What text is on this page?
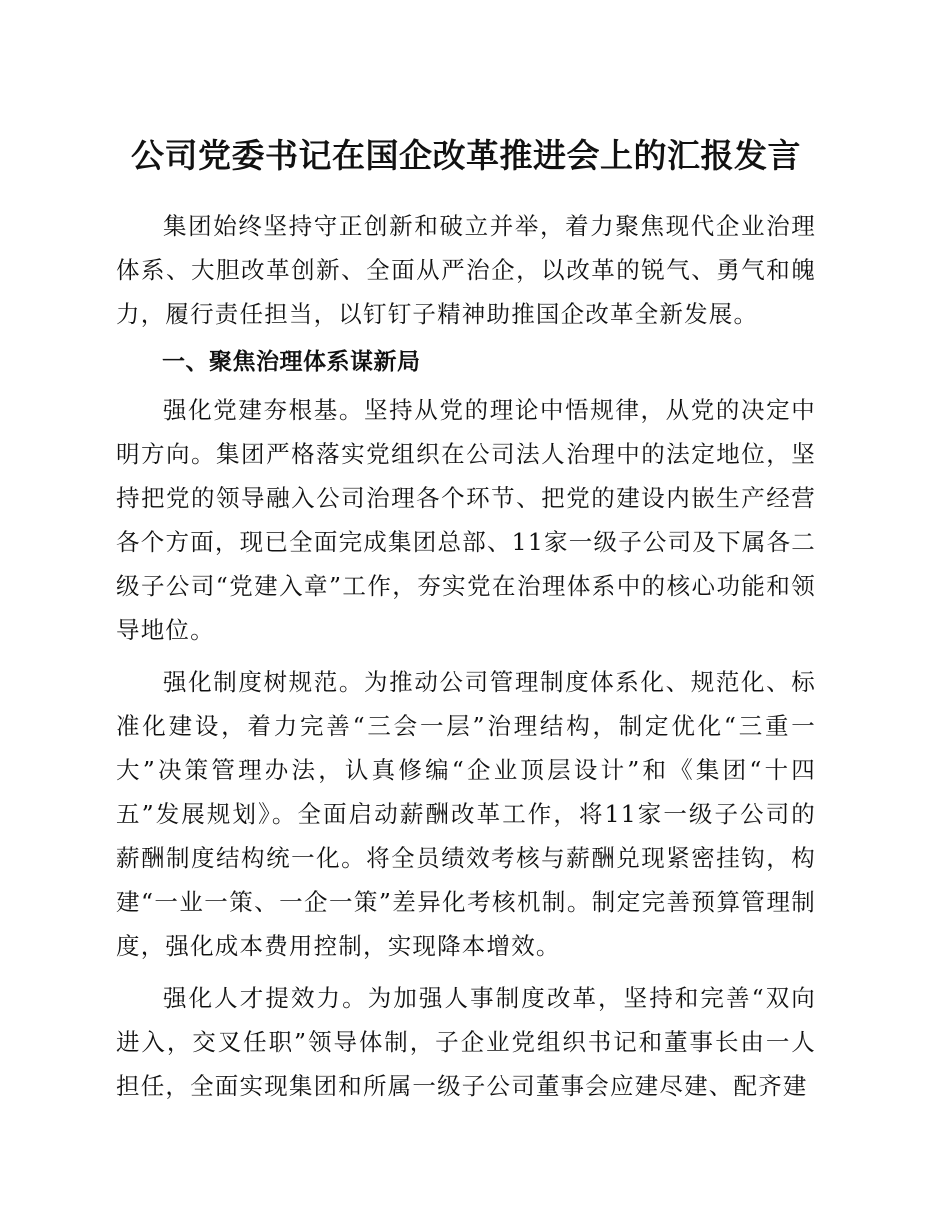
公司党委书记在国企改革推进会上的汇报发言

集团始终坚持守正创新和破立并举，着力聚焦现代企业治理体系、大胆改革创新、全面从严治企，以改革的锐气、勇气和魄力，履行责任担当，以钉钉子精神助推国企改革全新发展。

一、聚焦治理体系谋新局

强化党建夯根基。坚持从党的理论中悟规律，从党的决定中明方向。集团严格落实党组织在公司法人治理中的法定地位，坚持把党的领导融入公司治理各个环节、把党的建设内嵌生产经营各个方面，现已全面完成集团总部、11家一级子公司及下属各二级子公司“党建入章”工作，夯实党在治理体系中的核心功能和领导地位。

强化制度树规范。为推动公司管理制度体系化、规范化、标准化建设，着力完善“三会一层”治理结构，制定优化“三重一大”决策管理办法，认真修编“企业顶层设计”和《集团“十四五”发展规划》。全面启动薪酬改革工作，将11家一级子公司的薪酬制度结构统一化。将全员绩效考核与薪酬兑现紧密挂钩，构建“一业一策、一企一策”差异化考核机制。制定完善预算管理制度，强化成本费用控制，实现降本增效。

强化人才提效力。为加强人事制度改革，坚持和完善“双向进入，交叉任职”领导体制，子企业党组织书记和董事长由一人担任，全面实现集团和所属一级子公司董事会应建尽建、配齐建
